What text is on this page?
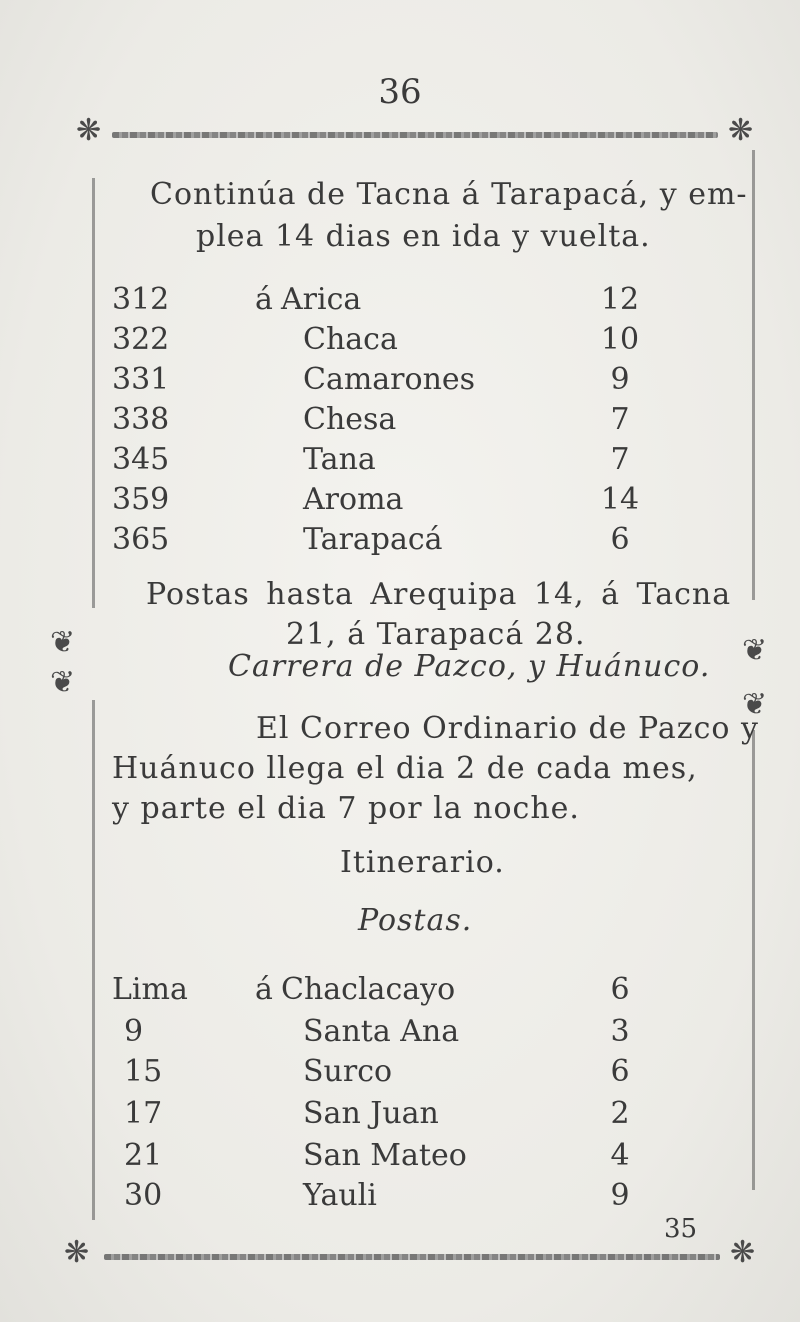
36
❋	❋
Continúa de Tacna á Tarapacá, y em-
plea 14 dias en ida y vuelta.
312	á Arica	12
322	Chaca	10
331	Camarones	9
338	Chesa	7
345	Tana	7
359	Aroma	14
365	Tarapacá	6
Postas hasta Arequipa 14, á Tacna
21, á Tarapacá 28.
❦
❦
❦
❦
Carrera de Pazco, y Huánuco.
El Correo Ordinario de Pazco y
Huánuco llega el dia 2 de cada mes,
y parte el dia 7 por la noche.
Itinerario.
Postas.
Lima	á Chaclacayo	6
9	Santa Ana	3
15	Surco	6
17	San Juan	2
21	San Mateo	4
30	Yauli	9
35
❋	❋
